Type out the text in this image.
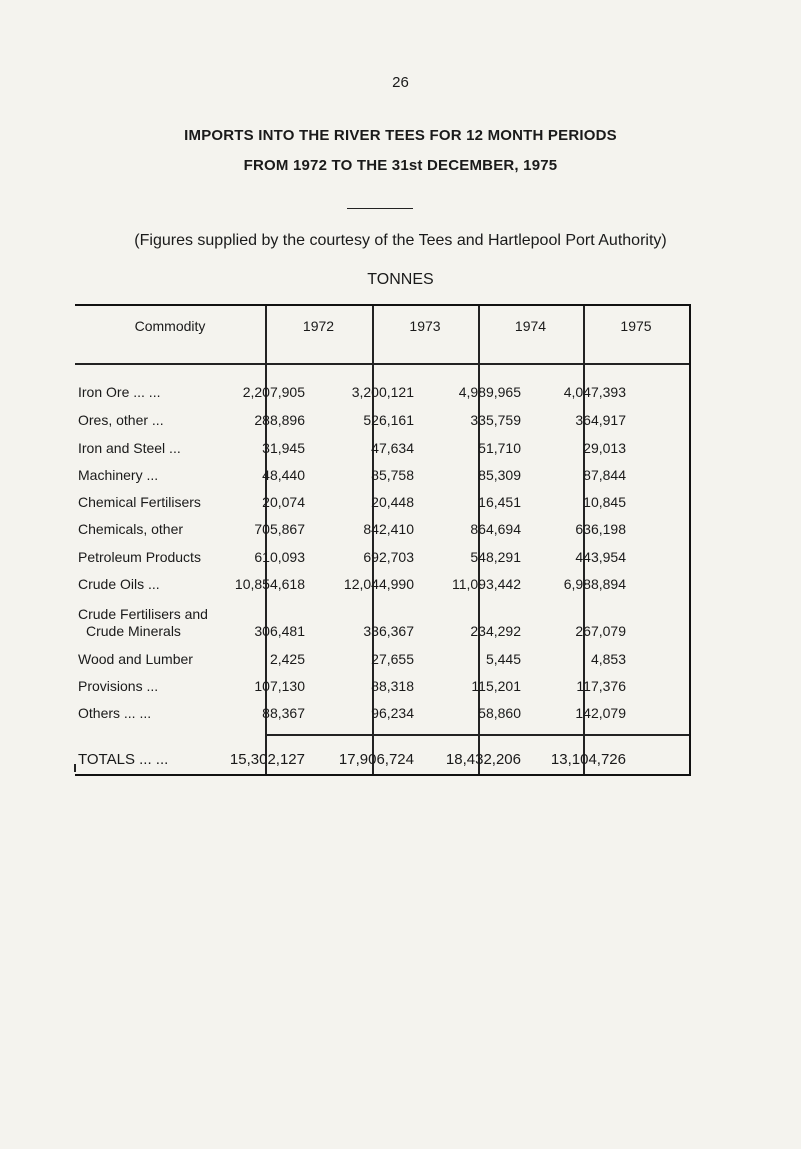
26
IMPORTS INTO THE RIVER TEES FOR 12 MONTH PERIODS
FROM 1972 TO THE 31st DECEMBER, 1975
(Figures supplied by the courtesy of the Tees and Hartlepool Port Authority)
TONNES
Commodity	1972	1973	1974	1975
Iron Ore ... ...	2,207,905	3,200,121	4,989,965	4,047,393
Ores, other ...	288,896	526,161	335,759	364,917
Iron and Steel ...	31,945	47,634	51,710	29,013
Machinery ...	48,440	85,758	85,309	87,844
Chemical Fertilisers	20,074	20,448	16,451	10,845
Chemicals, other	705,867	842,410	864,694	636,198
Petroleum Products	610,093	692,703	548,291	443,954
Crude Oils ...	10,854,618	12,044,990	11,093,442	6,988,894
Crude Fertilisers and
Crude Minerals	306,481	336,367	234,292	267,079
Wood and Lumber	2,425	27,655	5,445	4,853
Provisions ...	107,130	88,318	115,201	117,376
Others ... ...	88,367	96,234	58,860	142,079
TOTALS ... ...	15,302,127	17,906,724	18,432,206	13,104,726
